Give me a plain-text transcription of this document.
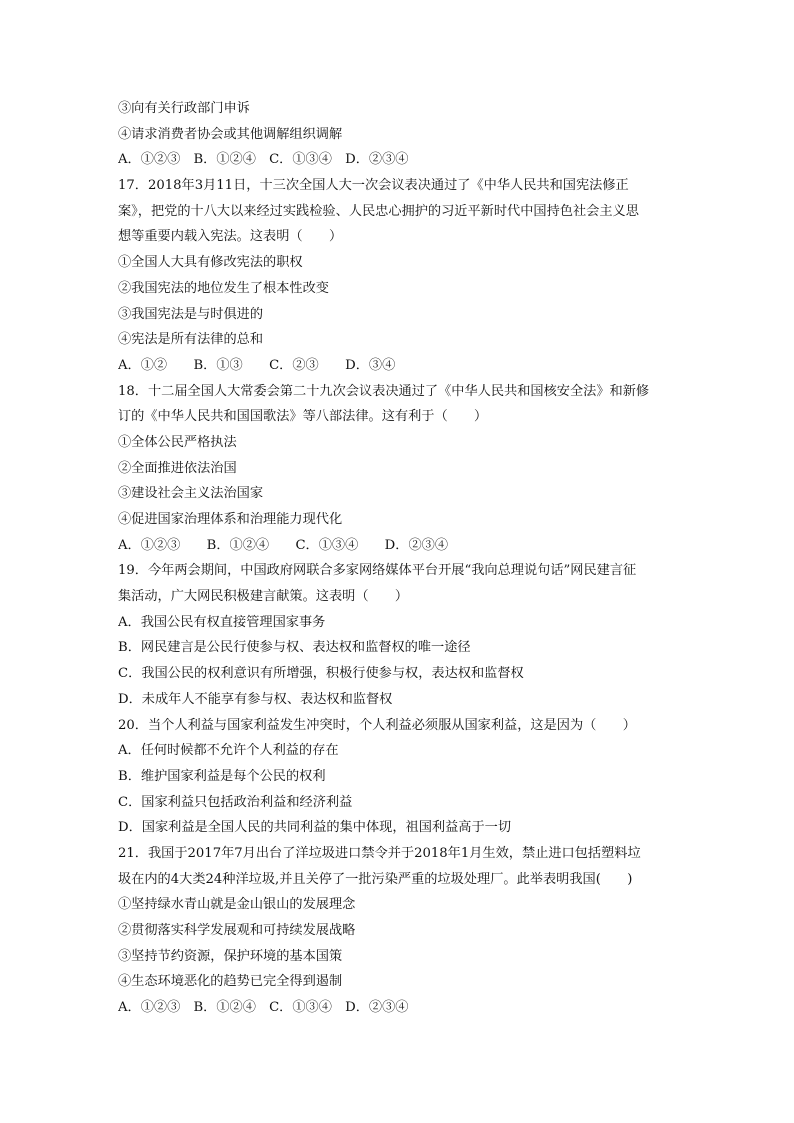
③向有关行政部门申诉
④请求消费者协会或其他调解组织调解
A．①②③　B．①②④　C．①③④　D．②③④
17．2018年3月11日，十三次全国人大一次会议表决通过了《中华人民共和国宪法修正
案》，把党的十八大以来经过实践检验、人民忠心拥护的习近平新时代中国持色社会主义思
想等重要内载入宪法。这表明（　　）
①全国人大具有修改宪法的职权
②我国宪法的地位发生了根本性改变
③我国宪法是与时俱进的
④宪法是所有法律的总和
A．①②　　B．①③　　C．②③　　D．③④
18．十二届全国人大常委会第二十九次会议表决通过了《中华人民共和国核安全法》和新修
订的《中华人民共和国国歌法》等八部法律。这有利于（　　）
①全体公民严格执法
②全面推进依法治国
③建设社会主义法治国家
④促进国家治理体系和治理能力现代化
A．①②③　　B．①②④　　C．①③④　　D．②③④
19．今年两会期间，中国政府网联合多家网络媒体平台开展“我向总理说句话”网民建言征
集活动，广大网民积极建言献策。这表明（　　）
A．我国公民有权直接管理国家事务
B．网民建言是公民行使参与权、表达权和监督权的唯一途径
C．我国公民的权利意识有所增强，积极行使参与权，表达权和监督权
D．未成年人不能享有参与权、表达权和监督权
20．当个人利益与国家利益发生冲突时，个人利益必须服从国家利益，这是因为（　　）
A．任何时候都不允许个人利益的存在
B．维护国家利益是每个公民的权利
C．国家利益只包括政治利益和经济利益
D．国家利益是全国人民的共同利益的集中体现，祖国利益高于一切
21．我国于2017年7月出台了洋垃圾进口禁令并于2018年1月生效，禁止进口包括塑料垃
圾在内的4大类24种洋垃圾,并且关停了一批污染严重的垃圾处理厂。此举表明我国(　　)
①坚持绿水青山就是金山银山的发展理念
②贯彻落实科学发展观和可持续发展战略
③坚持节约资源，保护环境的基本国策
④生态环境恶化的趋势已完全得到遏制
A．①②③　B．①②④　C．①③④　D．②③④
